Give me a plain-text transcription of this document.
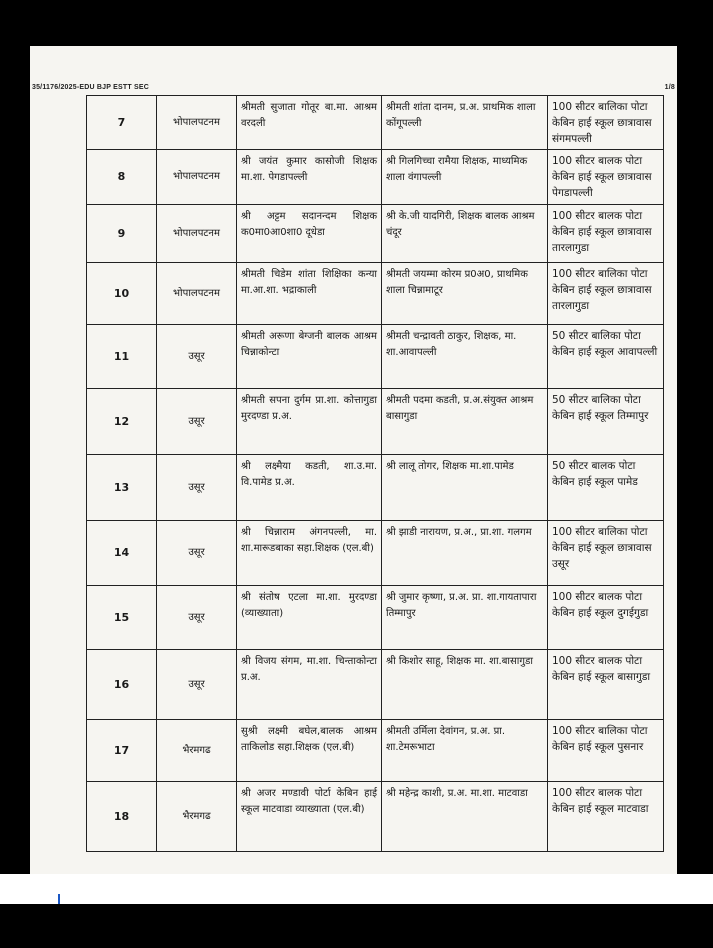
35/1176/2025-EDU BJP ESTT SEC	1/8
7	भोपालपटनम	श्रीमती सुजाता गोतूर बा.मा. आश्रम वरदली	श्रीमती शांता दानम, प्र.अ. प्राथमिक शाला कोंगूपल्ली	100 सीटर बालिका पोटा केबिन हाई स्कूल छात्रावास संगमपल्ली
8	भोपालपटनम	श्री जयंत कुमार कासोजी शिक्षक मा.शा. पेगडापल्ली	श्री गिलगिच्चा रामैया शिक्षक, माध्यमिक शाला वंगापल्ली	100 सीटर बालक पोटा केबिन हाई स्कूल छात्रावास पेगडापल्ली
9	भोपालपटनम	श्री अट्टम सदानन्दम शिक्षक क0मा0आ0शा0 दूधेडा	श्री के.जी यादगिरी, शिक्षक बालक आश्रम चंदूर	100 सीटर बालक पोटा केबिन हाई स्कूल छात्रावास तारलागुडा
10	भोपालपटनम	श्रीमती चिडेम शांता शिक्षिका कन्या मा.आ.शा. भद्राकाली	श्रीमती जयम्मा कोरम प्र0अ0, प्राथमिक शाला चिन्नामाटूर	100 सीटर बालिका पोटा केबिन हाई स्कूल छात्रावास तारलागुडा
11	उसूर	श्रीमती अरूणा बेग्जनी बालक आश्रम चिन्नाकोन्टा	श्रीमती चन्द्रावती ठाकुर, शिक्षक, मा. शा.आवापल्ली	50 सीटर बालिका पोटा केबिन हाई स्कूल आवापल्ली
12	उसूर	श्रीमती सपना दुर्गम प्रा.शा. कोत्तागुडा मुरदण्डा प्र.अ.	श्रीमती पदमा कडती, प्र.अ.संयुक्त आश्रम बासागुडा	50 सीटर बालिका पोटा केबिन हाई स्कूल तिम्मापुर
13	उसूर	श्री लक्ष्मैया कडती, शा.उ.मा. वि.पामेड प्र.अ.	श्री लालू तोगर, शिक्षक मा.शा.पामेड	50 सीटर बालक पोटा केबिन हाई स्कूल पामेड
14	उसूर	श्री चिन्नाराम अंगनपल्ली, मा. शा.मारूडबाका सहा.शिक्षक (एल.बी)	श्री झाडी नारायण, प्र.अ., प्रा.शा. गलगम	100 सीटर बालिका पोटा केबिन हाई स्कूल छात्रावास उसूर
15	उसूर	श्री संतोष एटला मा.शा. मुरदण्डा (व्याख्याता)	श्री जुमार कृष्णा, प्र.अ. प्रा. शा.गायतापारा तिम्मापुर	100 सीटर बालक पोटा केबिन हाई स्कूल दुगईगुडा
16	उसूर	श्री विजय संगम, मा.शा. चिन्ताकोन्टा प्र.अ.	श्री किशोर साहू, शिक्षक मा. शा.बासागुडा	100 सीटर बालक पोटा केबिन हाई स्कूल बासागुडा
17	भैरमगढ	सुश्री लक्ष्मी बघेल,बालक आश्रम ताकिलोड सहा.शिक्षक (एल.बी)	श्रीमती उर्मिला देवांगन, प्र.अ. प्रा. शा.टेमरूभाटा	100 सीटर बालिका पोटा केबिन हाई स्कूल पुसनार
18	भैरमगढ	श्री अजर मण्डावी पोर्टा केबिन हाई स्कूल माटवाडा व्याख्याता (एल.बी)	श्री महेन्द्र काशी, प्र.अ. मा.शा. माटवाडा	100 सीटर बालक पोटा केबिन हाई स्कूल माटवाडा
